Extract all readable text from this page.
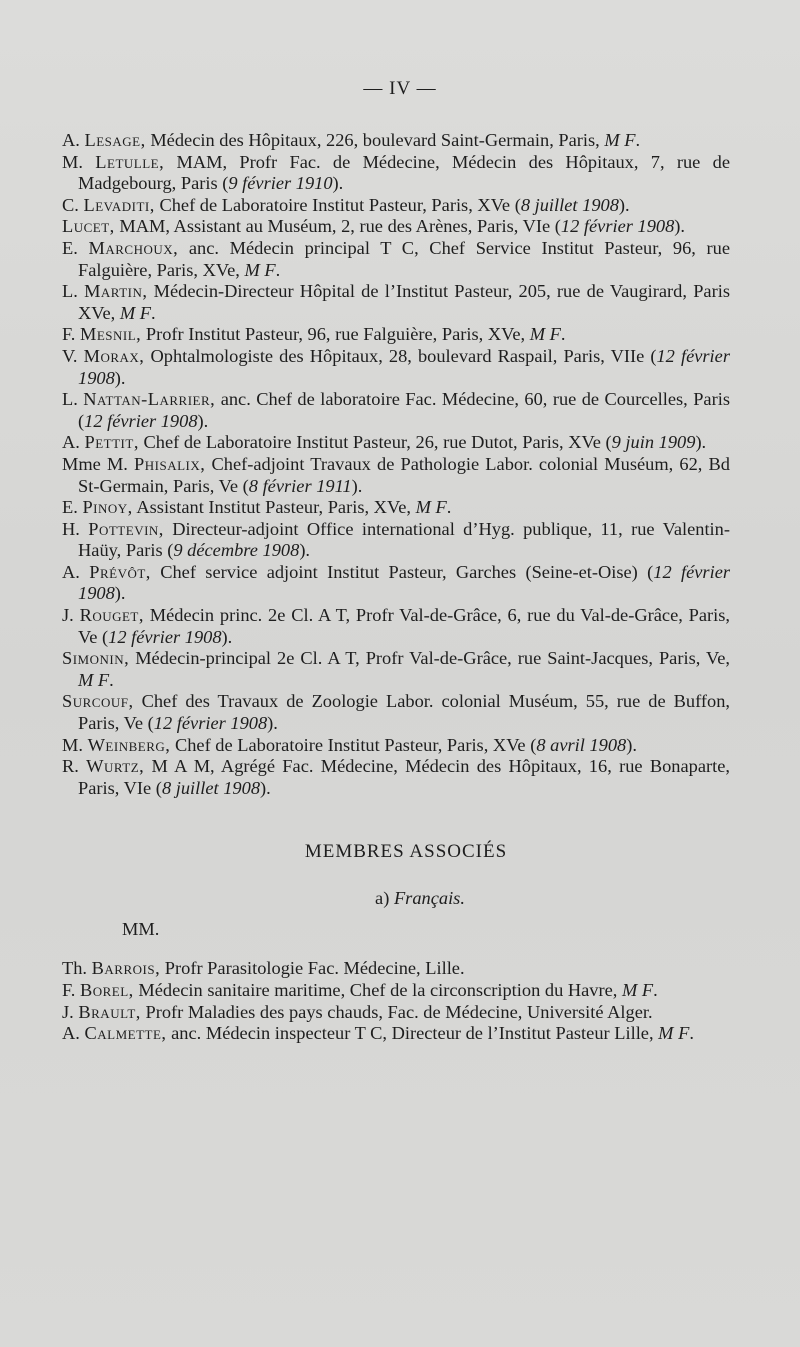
— IV —
A. Lesage, Médecin des Hôpitaux, 226, boulevard Saint-Germain, Paris, M F.
M. Letulle, MAM, Profr Fac. de Médecine, Médecin des Hôpitaux, 7, rue de Madgebourg, Paris (9 février 1910).
C. Levaditi, Chef de Laboratoire Institut Pasteur, Paris, XVe (8 juillet 1908).
Lucet, MAM, Assistant au Muséum, 2, rue des Arènes, Paris, VIe (12 février 1908).
E. Marchoux, anc. Médecin principal T C, Chef Service Institut Pasteur, 96, rue Falguière, Paris, XVe, M F.
L. Martin, Médecin-Directeur Hôpital de l’Institut Pasteur, 205, rue de Vaugirard, Paris XVe, M F.
F. Mesnil, Profr Institut Pasteur, 96, rue Falguière, Paris, XVe, M F.
V. Morax, Ophtalmologiste des Hôpitaux, 28, boulevard Raspail, Paris, VIIe (12 février 1908).
L. Nattan-Larrier, anc. Chef de laboratoire Fac. Médecine, 60, rue de Courcelles, Paris (12 février 1908).
A. Pettit, Chef de Laboratoire Institut Pasteur, 26, rue Dutot, Paris, XVe (9 juin 1909).
Mme M. Phisalix, Chef-adjoint Travaux de Pathologie Labor. colonial Muséum, 62, Bd St-Germain, Paris, Ve (8 février 1911).
E. Pinoy, Assistant Institut Pasteur, Paris, XVe, M F.
H. Pottevin, Directeur-adjoint Office international d’Hyg. publique, 11, rue Valentin-Haüy, Paris (9 décembre 1908).
A. Prévôt, Chef service adjoint Institut Pasteur, Garches (Seine-et-Oise) (12 février 1908).
J. Rouget, Médecin princ. 2e Cl. A T, Profr Val-de-Grâce, 6, rue du Val-de-Grâce, Paris, Ve (12 février 1908).
Simonin, Médecin-principal 2e Cl. A T, Profr Val-de-Grâce, rue Saint-Jacques, Paris, Ve, M F.
Surcouf, Chef des Travaux de Zoologie Labor. colonial Muséum, 55, rue de Buffon, Paris, Ve (12 février 1908).
M. Weinberg, Chef de Laboratoire Institut Pasteur, Paris, XVe (8 avril 1908).
R. Wurtz, M A M, Agrégé Fac. Médecine, Médecin des Hôpitaux, 16, rue Bonaparte, Paris, VIe (8 juillet 1908).
MEMBRES ASSOCIÉS
a) Français.
MM.
Th. Barrois, Profr Parasitologie Fac. Médecine, Lille.
F. Borel, Médecin sanitaire maritime, Chef de la circonscription du Havre, M F.
J. Brault, Profr Maladies des pays chauds, Fac. de Médecine, Université Alger.
A. Calmette, anc. Médecin inspecteur T C, Directeur de l’Institut Pasteur Lille, M F.
